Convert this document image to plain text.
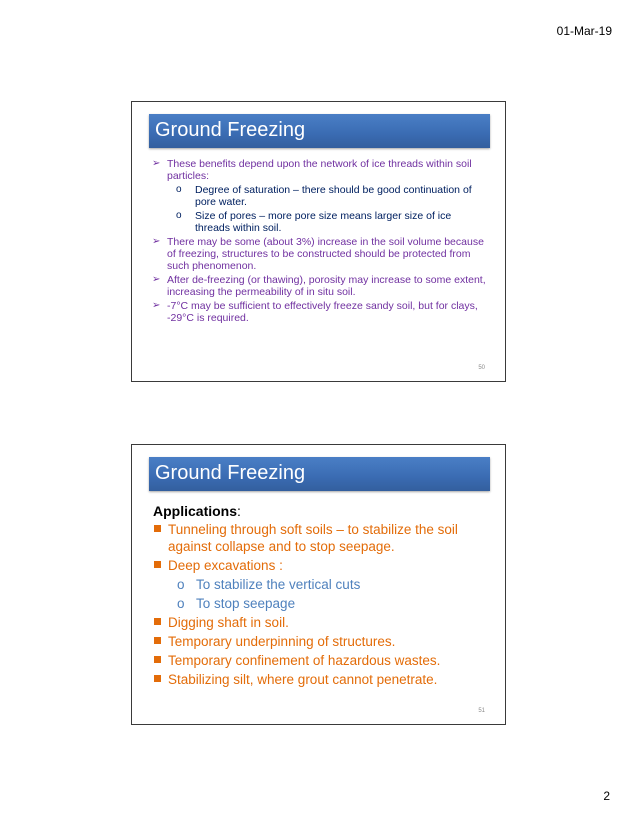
01-Mar-19
Ground Freezing
➢ These benefits depend upon the network of ice threads within soil particles:
o Degree of saturation – there should be good continuation of pore water.
o Size of pores – more pore size means larger size of ice threads within soil.
➢ There may be some (about 3%) increase in the soil volume because of freezing, structures to be constructed should be protected from such phenomenon.
➢ After de-freezing (or thawing), porosity may increase to some extent, increasing the permeability of in situ soil.
➢ -7°C may be sufficient to effectively freeze sandy soil, but for clays, -29°C is required.
50
Ground Freezing
Applications:
Tunneling through soft soils – to stabilize the soil against collapse and to stop seepage.
Deep excavations :
o To stabilize the vertical cuts
o To stop seepage
Digging shaft in soil.
Temporary underpinning of structures.
Temporary confinement of hazardous wastes.
Stabilizing silt, where grout cannot penetrate.
51
2
